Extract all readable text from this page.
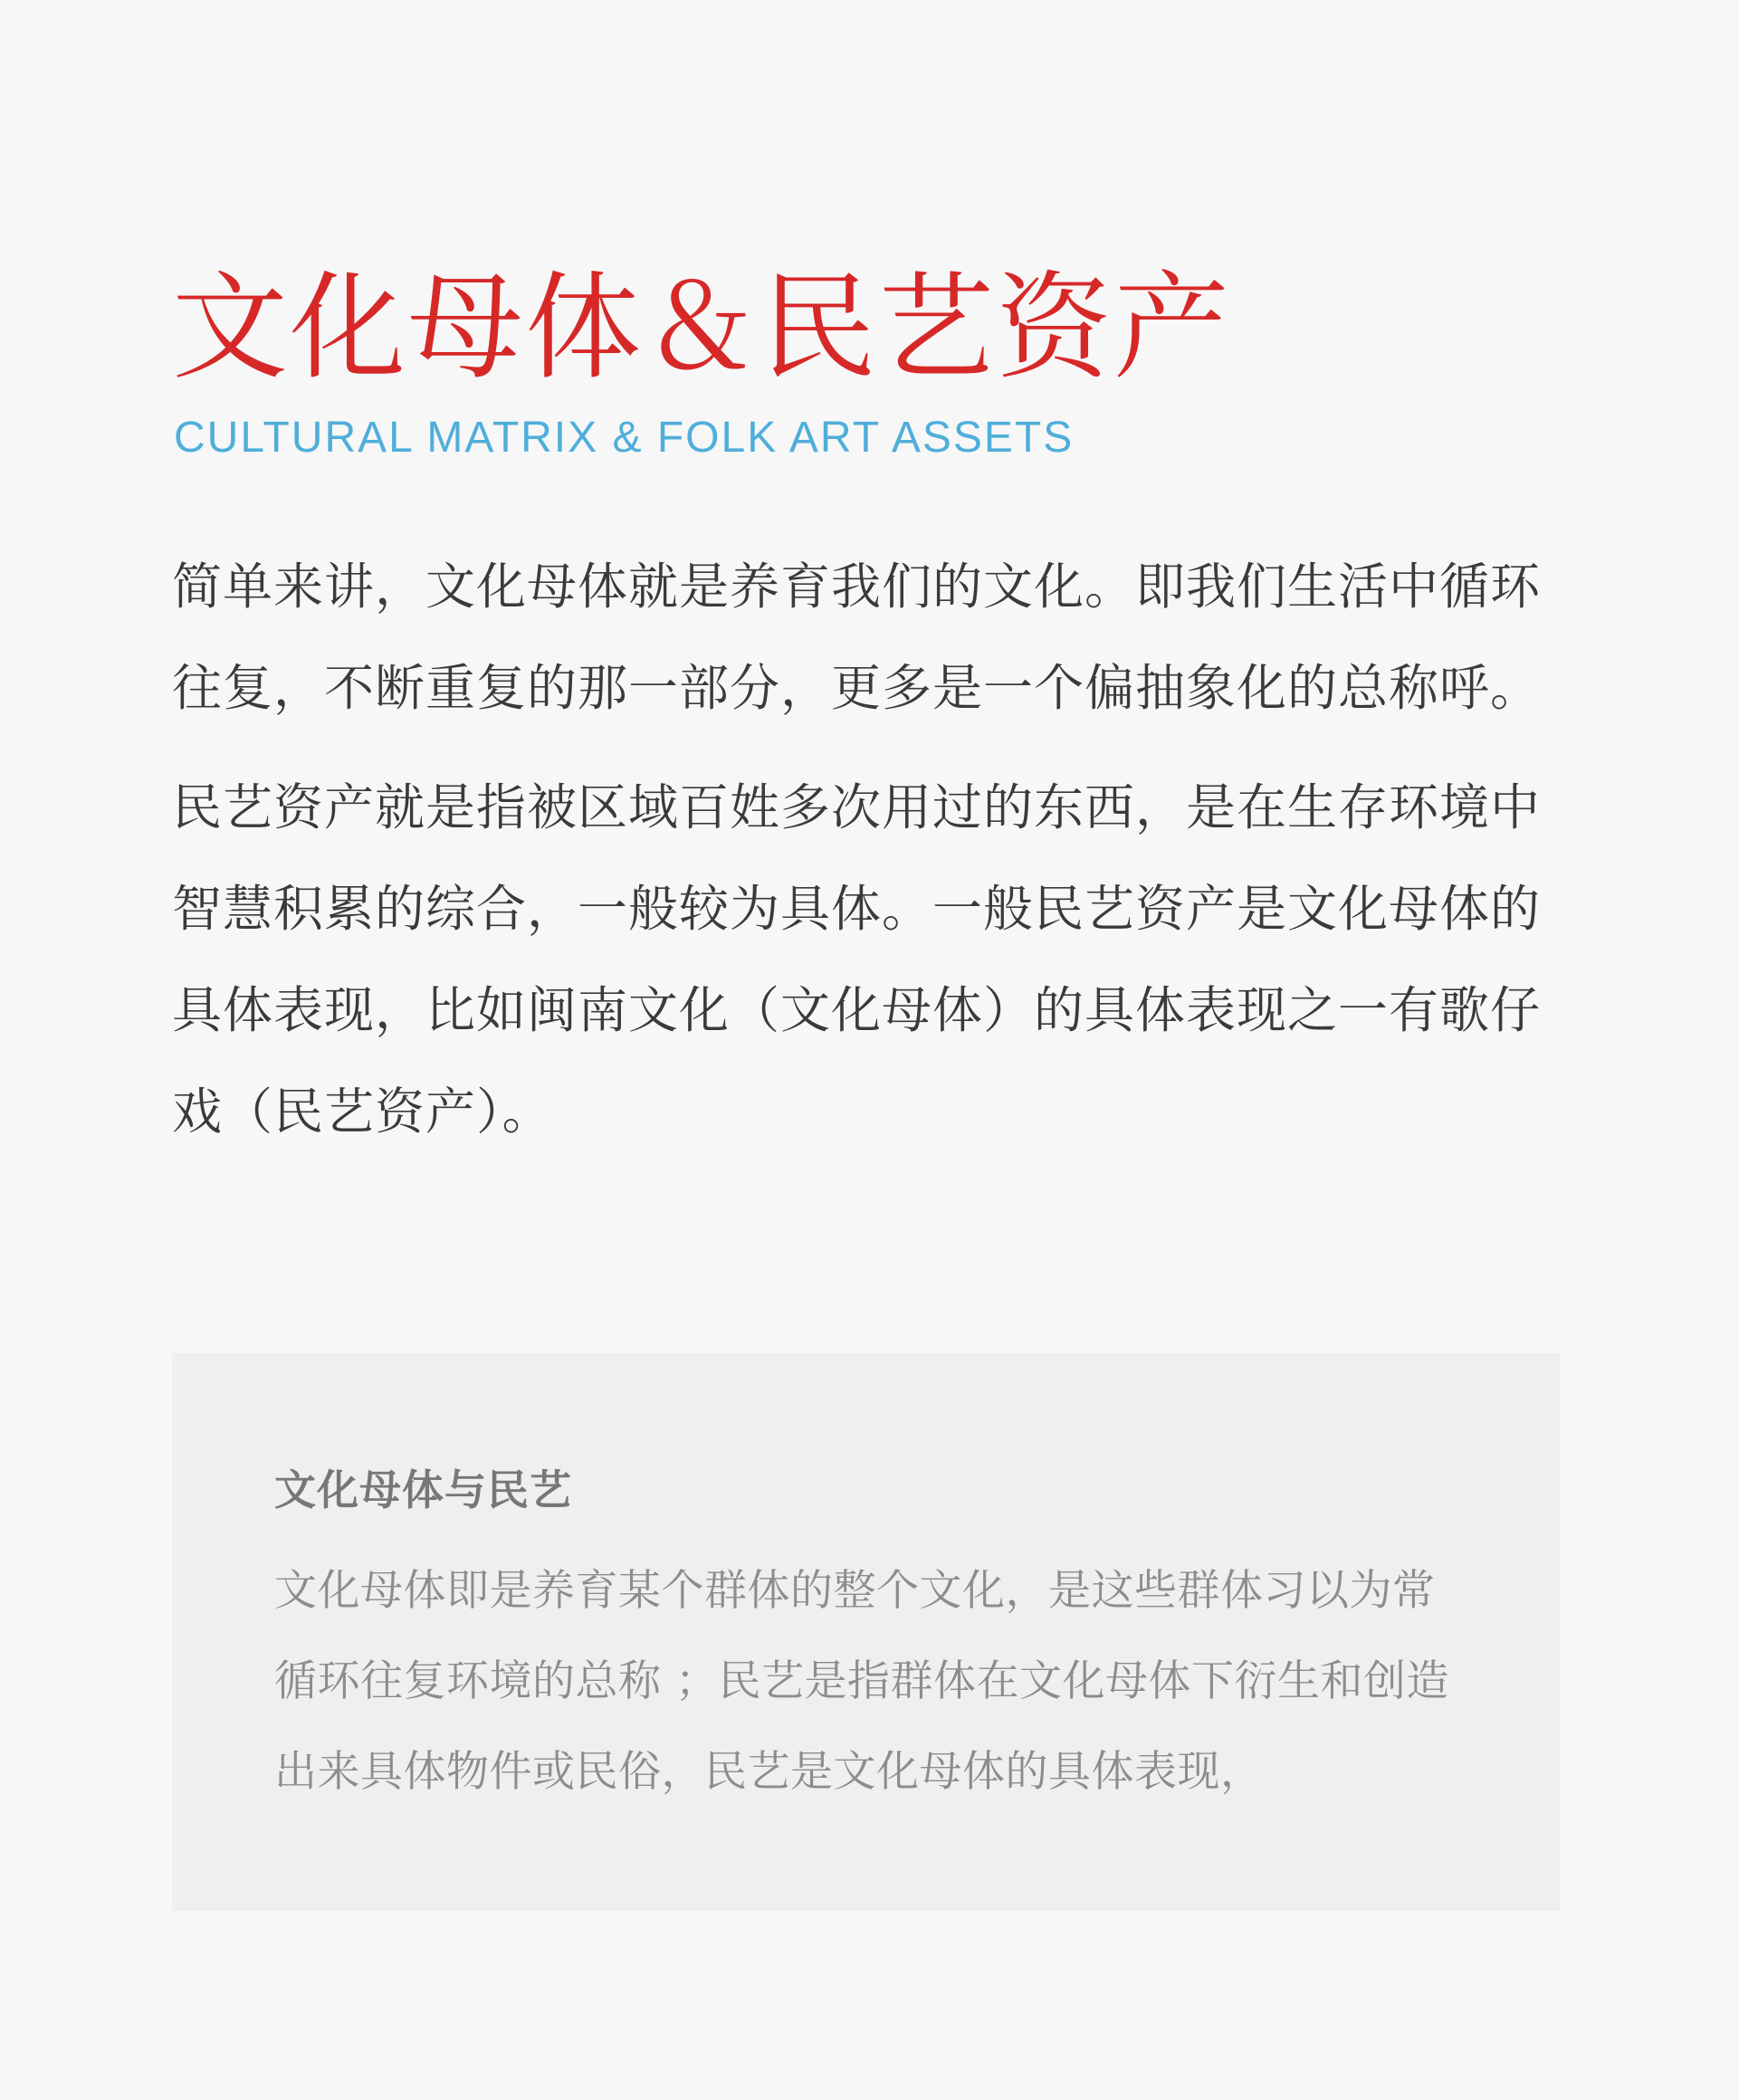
文化母体＆民艺资产
CULTURAL MATRIX & FOLK ART ASSETS

简单来讲，文化母体就是养育我们的文化。即我们生活中循环往复，不断重复的那一部分，更多是一个偏抽象化的总称呼。

民艺资产就是指被区域百姓多次用过的东西，是在生存环境中智慧积累的综合，一般较为具体。一般民艺资产是文化母体的具体表现，比如闽南文化（文化母体）的具体表现之一有歌仔戏（民艺资产）。

文化母体与民艺
文化母体即是养育某个群体的整个文化，是这些群体习以为常循环往复环境的总称 ；民艺是指群体在文化母体下衍生和创造出来具体物件或民俗，民艺是文化母体的具体表现，
